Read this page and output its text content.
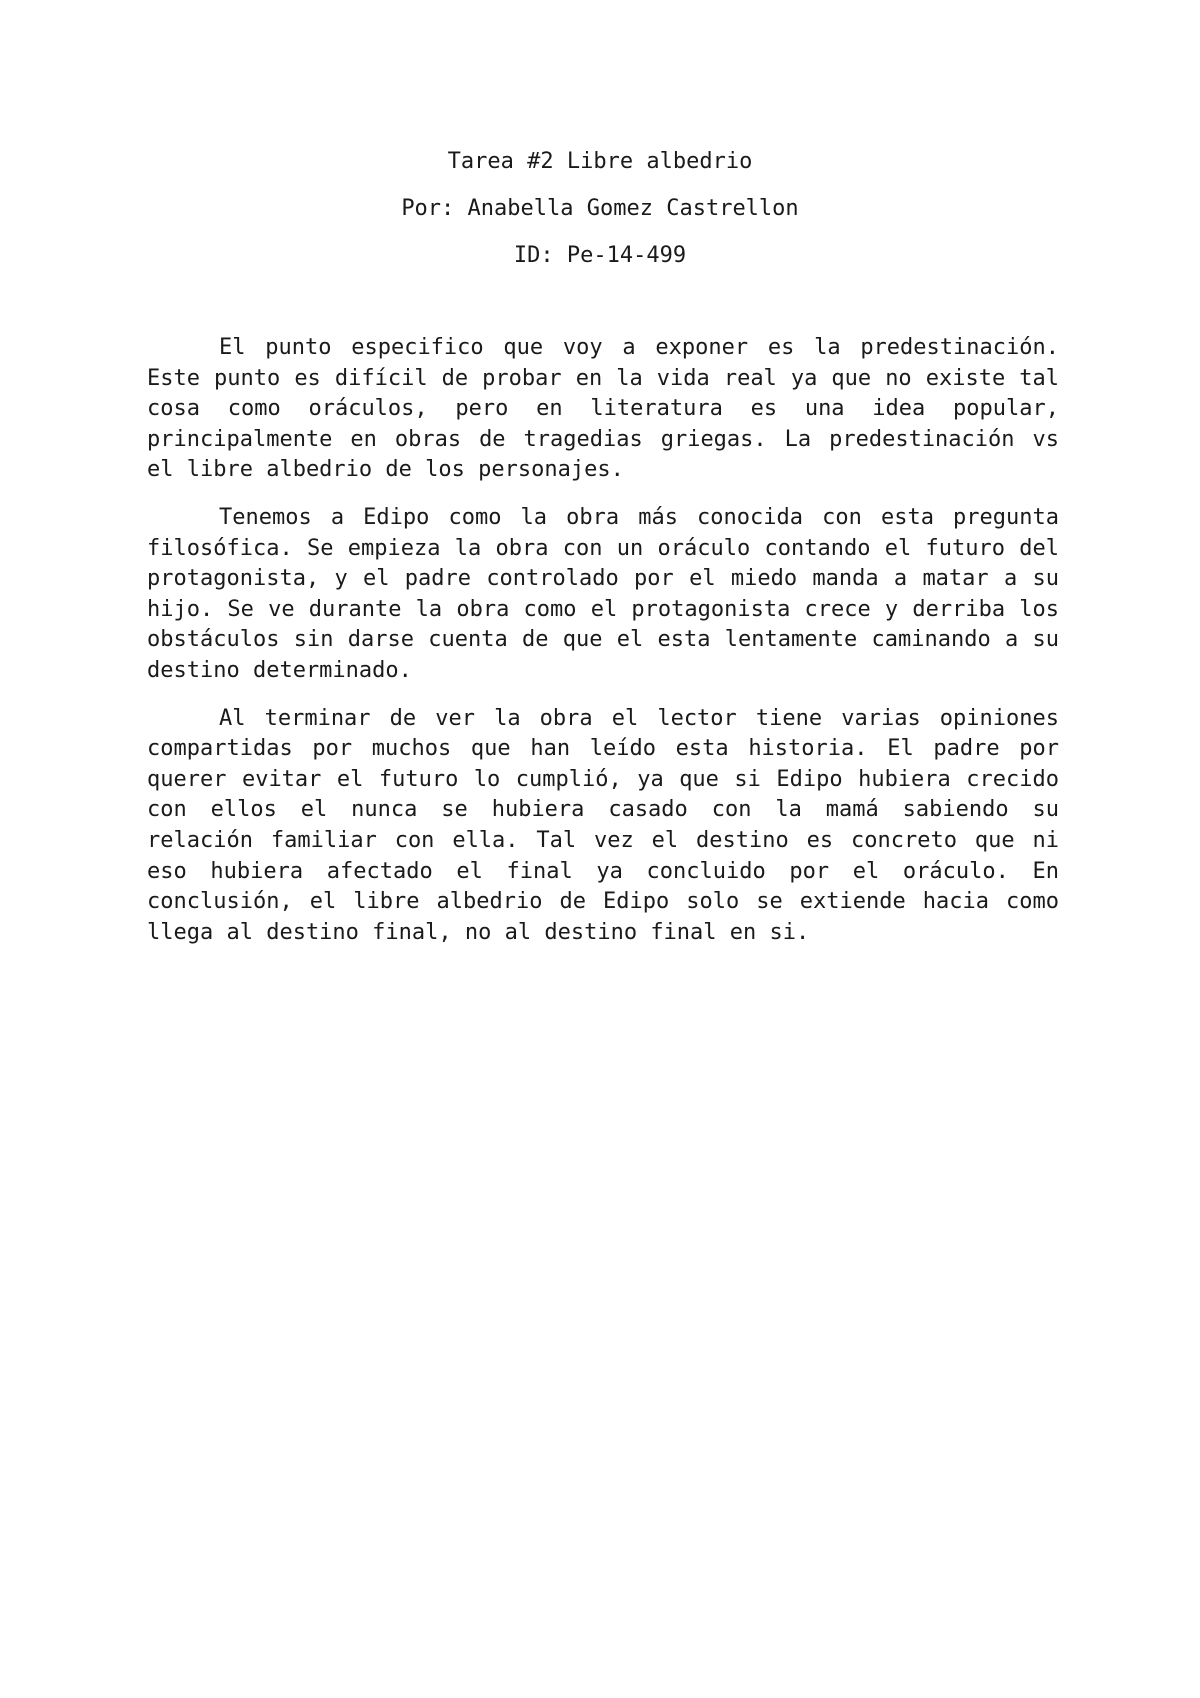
Tarea #2 Libre albedrio
Por: Anabella Gomez Castrellon
ID: Pe-14-499

El punto especifico que voy a exponer es la predestinación. Este punto es difícil de probar en la vida real ya que no existe tal cosa como oráculos, pero en literatura es una idea popular, principalmente en obras de tragedias griegas. La predestinación vs el libre albedrio de los personajes.

Tenemos a Edipo como la obra más conocida con esta pregunta filosófica. Se empieza la obra con un oráculo contando el futuro del protagonista, y el padre controlado por el miedo manda a matar a su hijo. Se ve durante la obra como el protagonista crece y derriba los obstáculos sin darse cuenta de que el esta lentamente caminando a su destino determinado.

Al terminar de ver la obra el lector tiene varias opiniones compartidas por muchos que han leído esta historia. El padre por querer evitar el futuro lo cumplió, ya que si Edipo hubiera crecido con ellos el nunca se hubiera casado con la mamá sabiendo su relación familiar con ella. Tal vez el destino es concreto que ni eso hubiera afectado el final ya concluido por el oráculo. En conclusión, el libre albedrio de Edipo solo se extiende hacia como llega al destino final, no al destino final en si.
